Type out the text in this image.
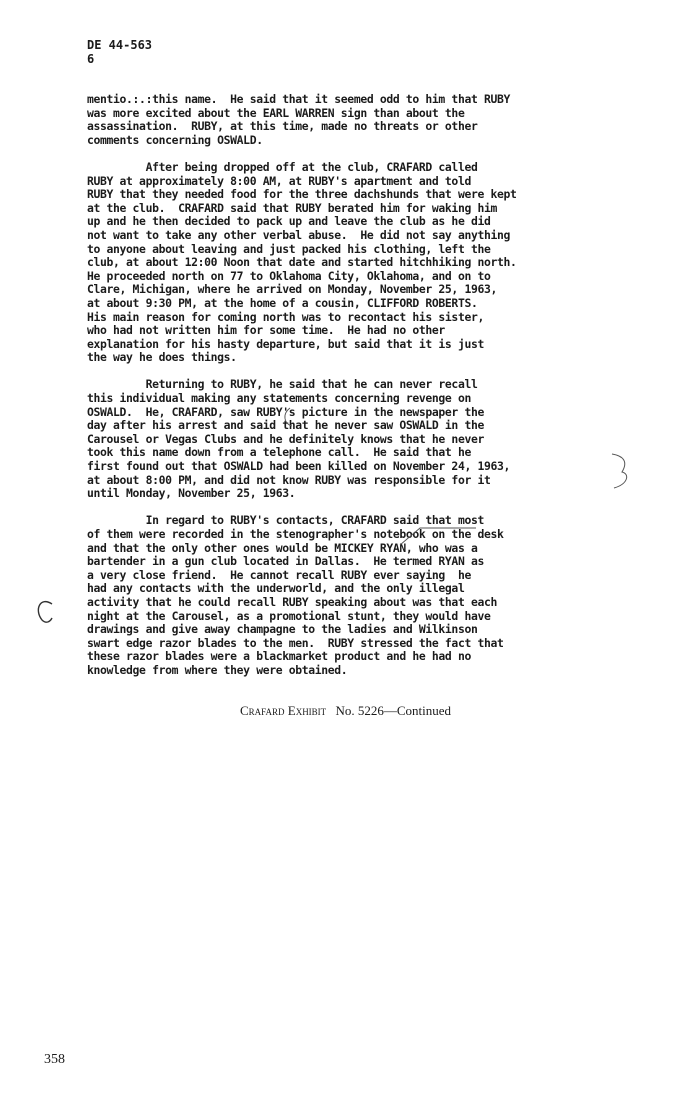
DE 44-563
6

mentio.:.:this name.  He said that it seemed odd to him that RUBY
was more excited about the EARL WARREN sign than about the
assassination.  RUBY, at this time, made no threats or other
comments concerning OSWALD.

After being dropped off at the club, CRAFARD called
RUBY at approximately 8:00 AM, at RUBY's apartment and told
RUBY that they needed food for the three dachshunds that were kept
at the club.  CRAFARD said that RUBY berated him for waking him
up and he then decided to pack up and leave the club as he did
not want to take any other verbal abuse.  He did not say anything
to anyone about leaving and just packed his clothing, left the
club, at about 12:00 Noon that date and started hitchhiking north.
He proceeded north on 77 to Oklahoma City, Oklahoma, and on to
Clare, Michigan, where he arrived on Monday, November 25, 1963,
at about 9:30 PM, at the home of a cousin, CLIFFORD ROBERTS.
His main reason for coming north was to recontact his sister,
who had not written him for some time.  He had no other
explanation for his hasty departure, but said that it is just
the way he does things.

Returning to RUBY, he said that he can never recall
this individual making any statements concerning revenge on
OSWALD.  He, CRAFARD, saw RUBY's picture in the newspaper the
day after his arrest and said that he never saw OSWALD in the
Carousel or Vegas Clubs and he definitely knows that he never
took this name down from a telephone call.  He said that he
first found out that OSWALD had been killed on November 24, 1963,
at about 8:00 PM, and did not know RUBY was responsible for it
until Monday, November 25, 1963.

In regard to RUBY's contacts, CRAFARD said that most
of them were recorded in the stenographer's notebook on the desk
and that the only other ones would be MICKEY RYAN, who was a
bartender in a gun club located in Dallas.  He termed RYAN as
a very close friend.  He cannot recall RUBY ever saying  he
had any contacts with the underworld, and the only illegal
activity that he could recall RUBY speaking about was that each
night at the Carousel, as a promotional stunt, they would have
drawings and give away champagne to the ladies and Wilkinson
swart edge razor blades to the men.  RUBY stressed the fact that
these razor blades were a blackmarket product and he had no
knowledge from where they were obtained.

Crafard Exhibit No. 5226—Continued
358
